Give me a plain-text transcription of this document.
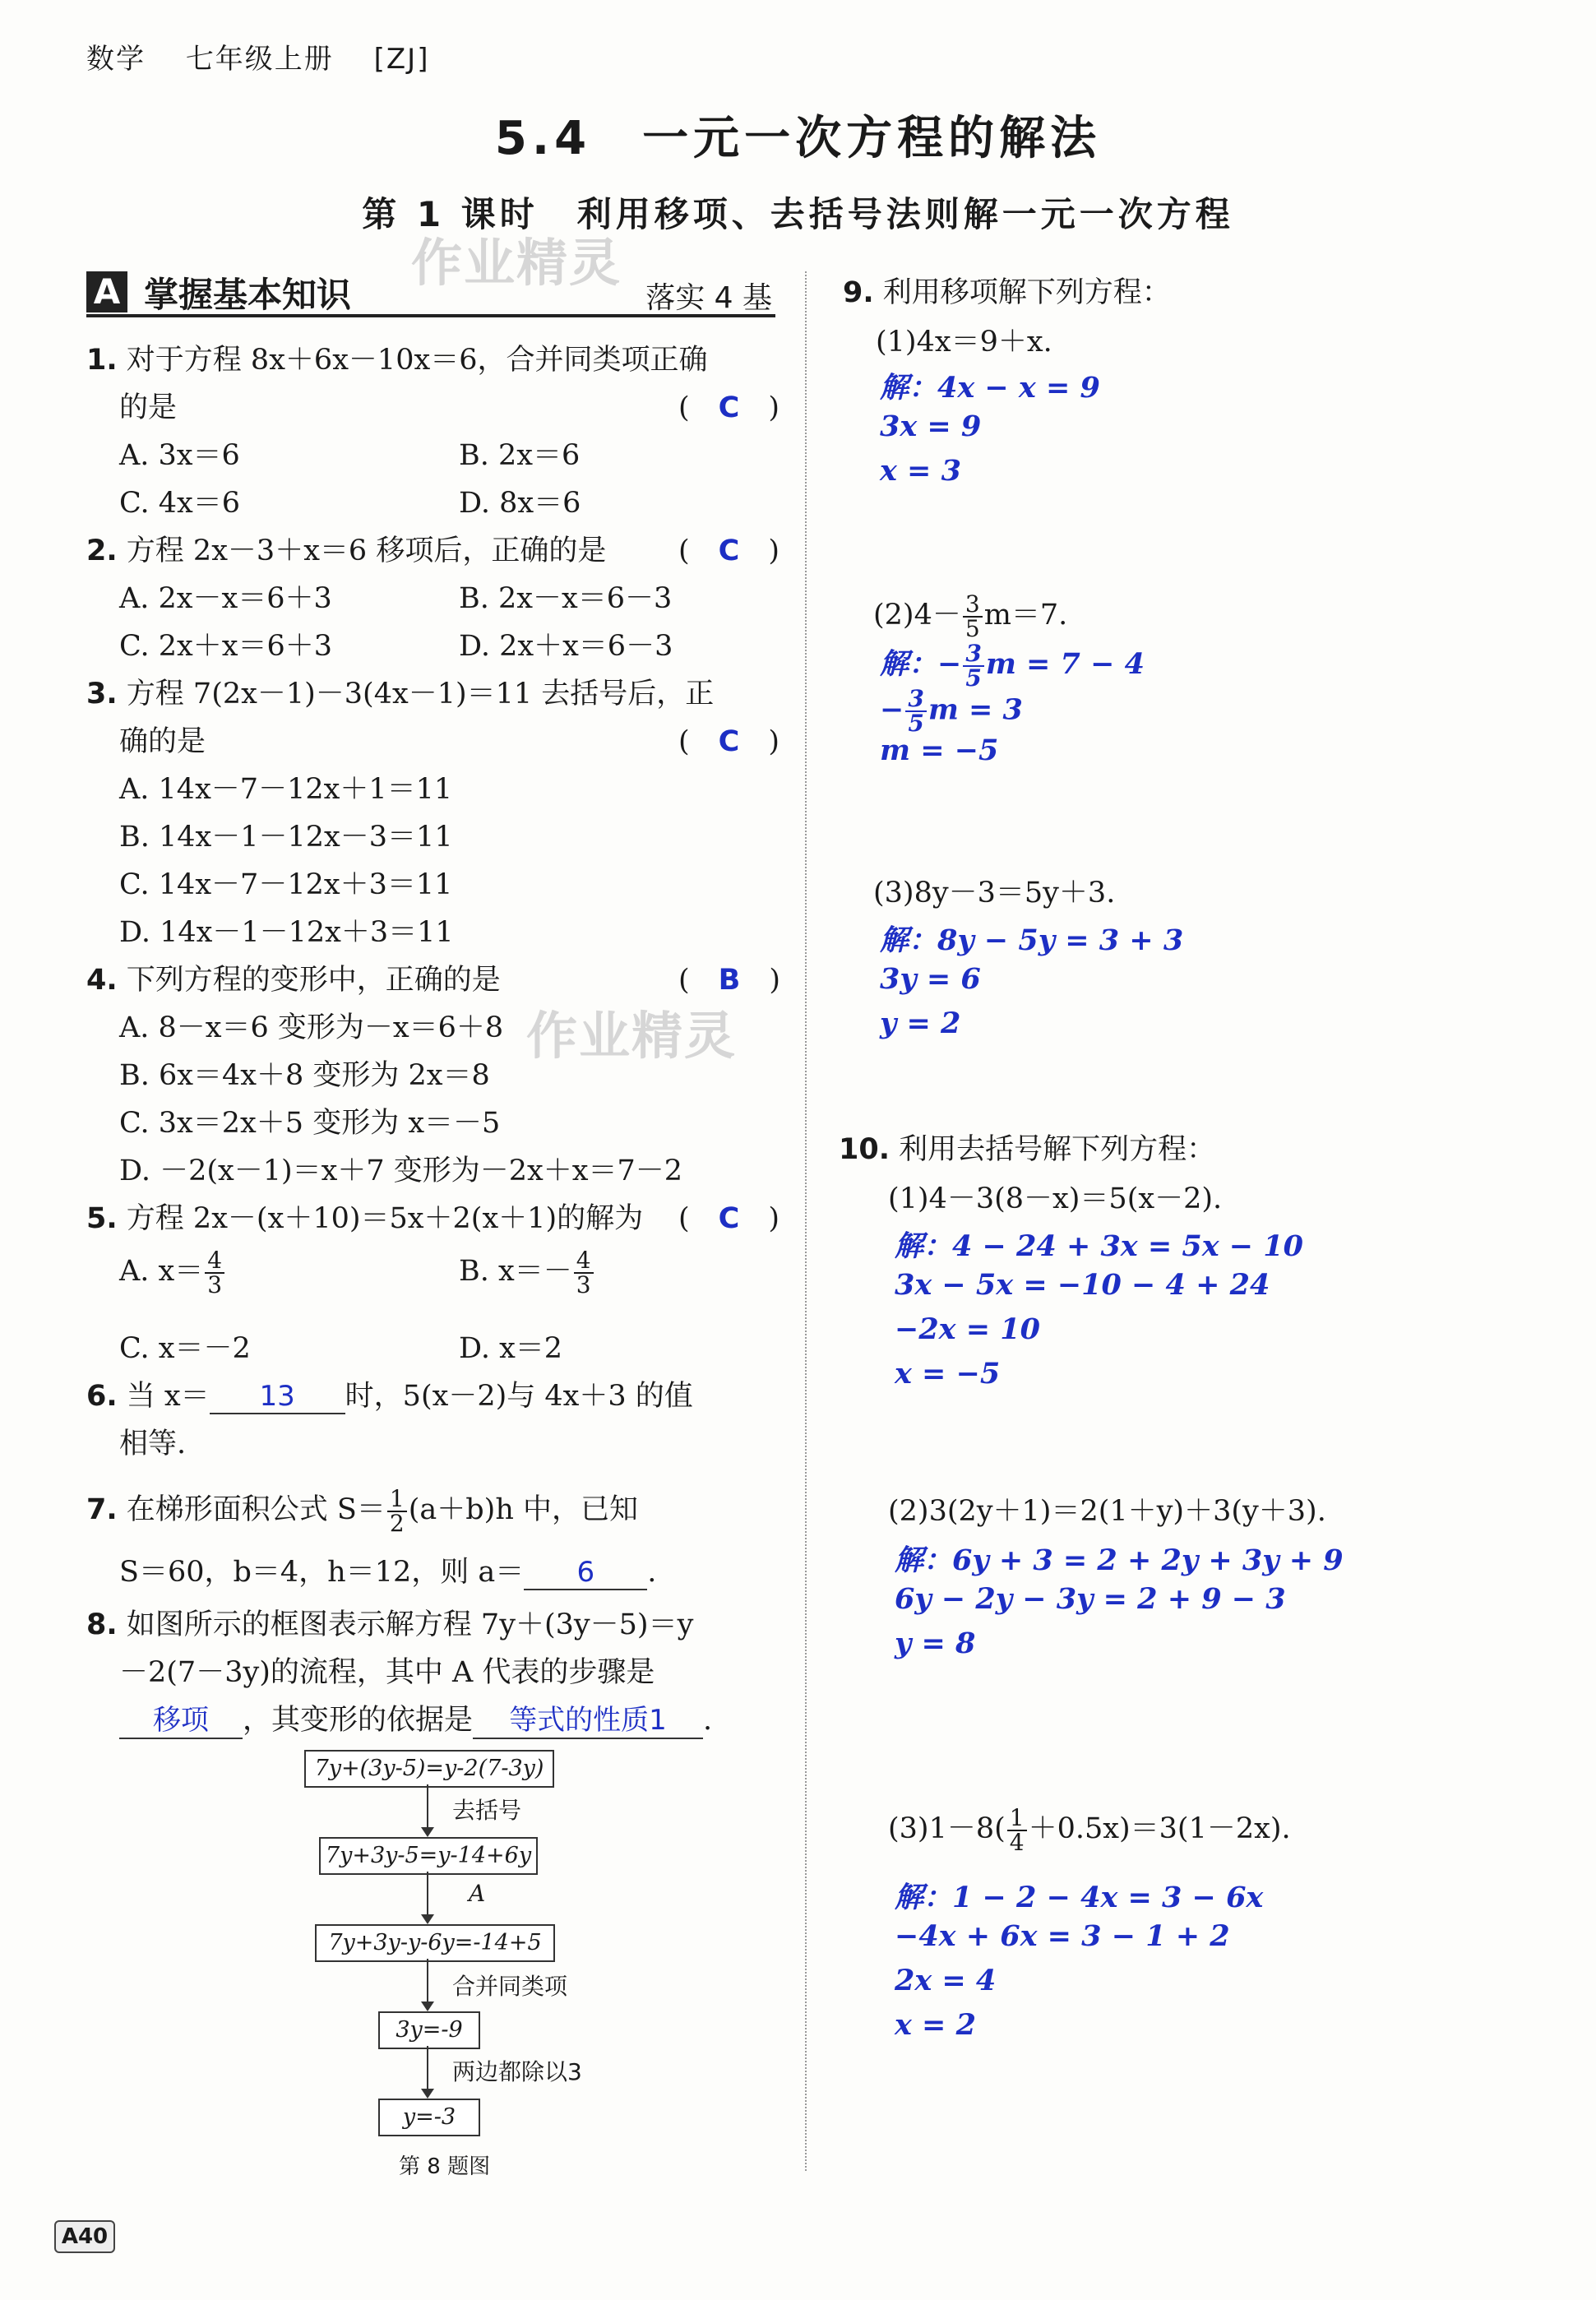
数学　 七年级上册　 [ZJ]
5.4　一元一次方程的解法
第 1 课时　利用移项、去括号法则解一元一次方程
作业精灵
作业精灵
A 掌握基本知识	落实 4 基
1. 对于方程 8x＋6x－10x＝6，合并同类项正确
的是	(　C　)
A. 3x＝6	B. 2x＝6
C. 4x＝6	D. 8x＝6
2. 方程 2x－3＋x＝6 移项后，正确的是	(　C　)
A. 2x－x＝6＋3	B. 2x－x＝6－3
C. 2x＋x＝6＋3	D. 2x＋x＝6－3
3. 方程 7(2x－1)－3(4x－1)＝11 去括号后，正
确的是	(　C　)
A. 14x－7－12x＋1＝11
B. 14x－1－12x－3＝11
C. 14x－7－12x＋3＝11
D. 14x－1－12x＋3＝11
4. 下列方程的变形中，正确的是	(　B　)
A. 8－x＝6 变形为－x＝6＋8
B. 6x＝4x＋8 变形为 2x＝8
C. 3x＝2x＋5 变形为 x＝－5
D. －2(x－1)＝x＋7 变形为－2x＋x＝7－2
5. 方程 2x－(x＋10)＝5x＋2(x＋1)的解为 (　C　)
A. $x= \frac{4}{3}$	B. $x=- \frac{4}{3}$
C. x＝－2	D. x＝2
6. 当 x＝ 13 时，5(x－2)与 4x＋3 的值
相等.
7. 在梯形面积公式 $S= \frac{1}{2} (a+b)h$ 中，已知
S＝60，b＝4，h＝12，则 a＝ 6 .
8. 如图所示的框图表示解方程 7y＋(3y－5)＝y
－2(7－3y)的流程，其中 A 代表的步骤是
移项 ，其变形的依据是 等式的性质1 .
7y+(3y-5)=y-2(7-3y)
去括号
7y+3y-5=y-14+6y
A
7y+3y-y-6y=-14+5
合并同类项
3y=-9
两边都除以3
y=-3
第 8 题图
9. 利用移项解下列方程：
(1)4x＝9＋x.
解：4x − x = 9
3x = 9
x = 3
$(2)4- \frac{3}{5} m=7$.
解：− $\frac{3}{5}$ m = 7 − 4
− $\frac{3}{5}$ m = 3
m = −5
(3)8y－3＝5y＋3.
解：8y − 5y = 3 + 3
3y = 6
y = 2
10. 利用去括号解下列方程：
(1)4－3(8－x)＝5(x－2).
解：4 − 24 + 3x = 5x − 10
3x − 5x = −10 − 4 + 24
−2x = 10
x = −5
(2)3(2y＋1)＝2(1＋y)＋3(y＋3).
解：6y + 3 = 2 + 2y + 3y + 9
6y − 2y − 3y = 2 + 9 − 3
y = 8
$(3)1-8( \frac{1}{4} +0.5x)=3(1-2x)$.
解：1 − 2 − 4x = 3 − 6x
−4x + 6x = 3 − 1 + 2
2x = 4
x = 2
A40
